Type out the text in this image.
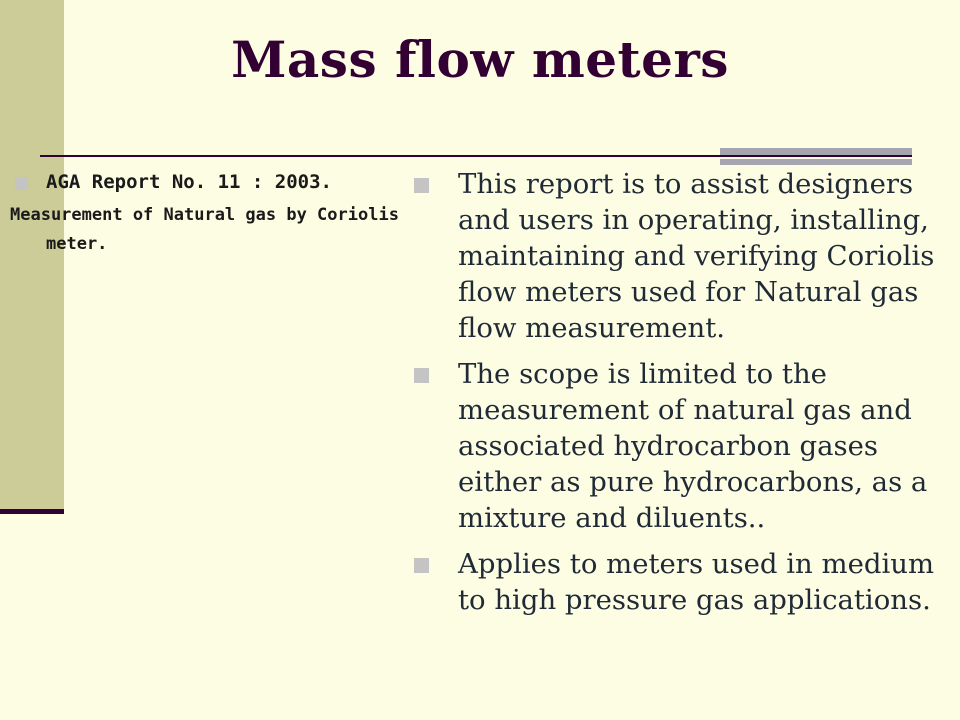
Mass flow meters
AGA Report No. 11 : 2003.
Measurement of Natural gas by Coriolis meter.
This report is to assist designers and users in operating, installing, maintaining and verifying Coriolis flow meters used for Natural gas flow measurement.
The scope is limited to the measurement of natural gas and associated hydrocarbon gases either as pure hydrocarbons, as a mixture and diluents..
Applies to meters used in medium to high pressure gas applications.
